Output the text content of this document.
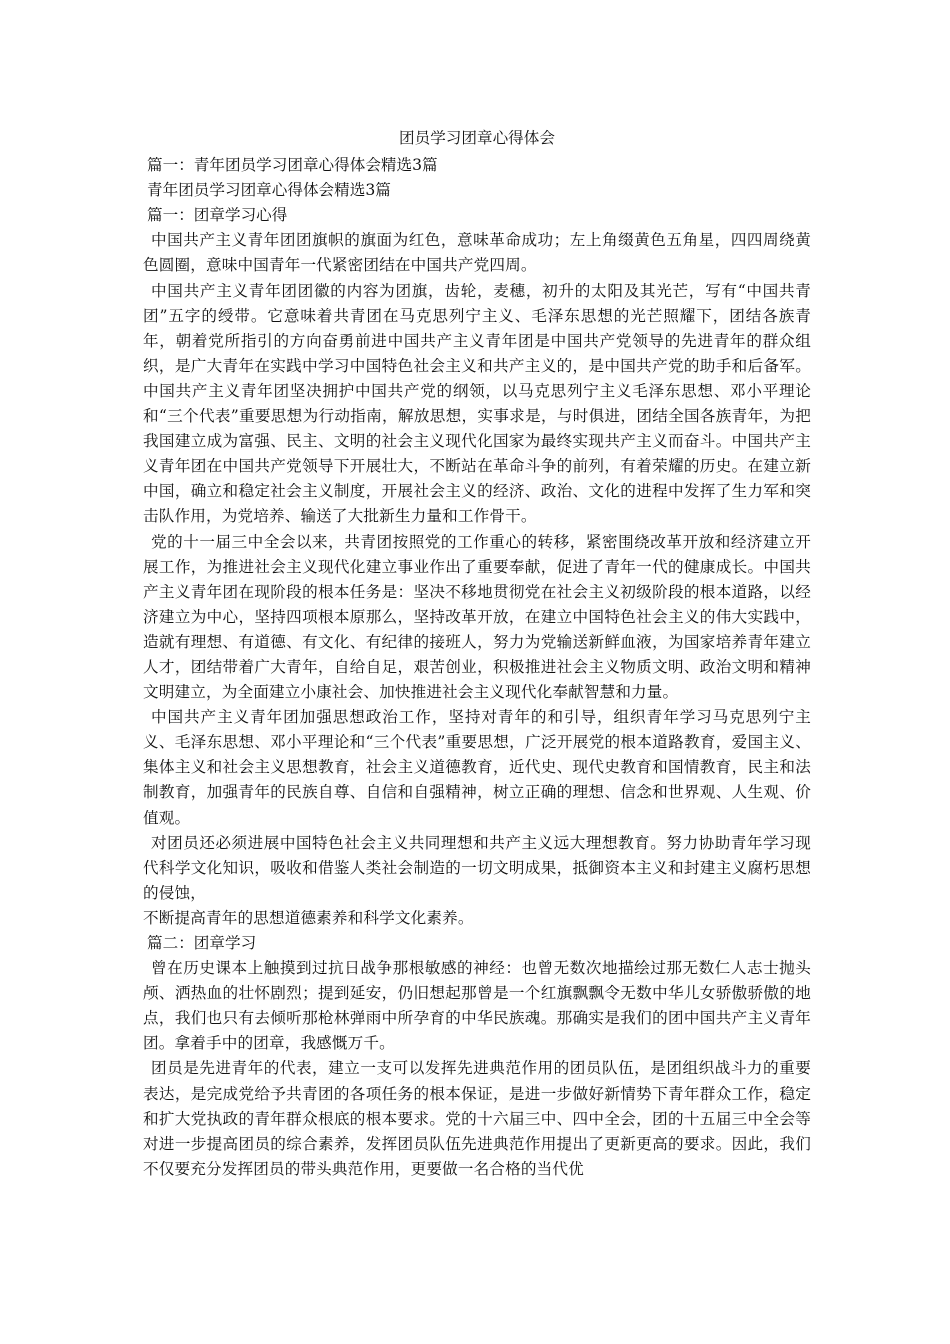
团员学习团章心得体会
篇一：青年团员学习团章心得体会精选3篇
青年团员学习团章心得体会精选3篇
篇一：团章学习心得

中国共产主义青年团团旗帜的旗面为红色，意味革命成功；左上角缀黄色五角星，四四周绕黄色圆圈，意味中国青年一代紧密团结在中国共产党四周。

中国共产主义青年团团徽的内容为团旗，齿轮，麦穗，初升的太阳及其光芒，写有“中国共青团”五字的绶带。它意味着共青团在马克思列宁主义、毛泽东思想的光芒照耀下，团结各族青年，朝着党所指引的方向奋勇前进中国共产主义青年团是中国共产党领导的先进青年的群众组织，是广大青年在实践中学习中国特色社会主义和共产主义的，是中国共产党的助手和后备军。中国共产主义青年团坚决拥护中国共产党的纲领，以马克思列宁主义毛泽东思想、邓小平理论和“三个代表”重要思想为行动指南，解放思想，实事求是，与时俱进，团结全国各族青年，为把我国建立成为富强、民主、文明的社会主义现代化国家为最终实现共产主义而奋斗。中国共产主义青年团在中国共产党领导下开展壮大，不断站在革命斗争的前列，有着荣耀的历史。在建立新中国，确立和稳定社会主义制度，开展社会主义的经济、政治、文化的进程中发挥了生力军和突击队作用，为党培养、输送了大批新生力量和工作骨干。

党的十一届三中全会以来，共青团按照党的工作重心的转移，紧密围绕改革开放和经济建立开展工作，为推进社会主义现代化建立事业作出了重要奉献，促进了青年一代的健康成长。中国共产主义青年团在现阶段的根本任务是：坚决不移地贯彻党在社会主义初级阶段的根本道路，以经济建立为中心，坚持四项根本原那么，坚持改革开放，在建立中国特色社会主义的伟大实践中，造就有理想、有道德、有文化、有纪律的接班人，努力为党输送新鲜血液，为国家培养青年建立人才，团结带着广大青年，自给自足，艰苦创业，积极推进社会主义物质文明、政治文明和精神文明建立，为全面建立小康社会、加快推进社会主义现代化奉献智慧和力量。

中国共产主义青年团加强思想政治工作，坚持对青年的和引导，组织青年学习马克思列宁主义、毛泽东思想、邓小平理论和“三个代表”重要思想，广泛开展党的根本道路教育，爱国主义、集体主义和社会主义思想教育，社会主义道德教育，近代史、现代史教育和国情教育，民主和法制教育，加强青年的民族自尊、自信和自强精神，树立正确的理想、信念和世界观、人生观、价值观。

对团员还必须进展中国特色社会主义共同理想和共产主义远大理想教育。努力协助青年学习现代科学文化知识，吸收和借鉴人类社会制造的一切文明成果，抵御资本主义和封建主义腐朽思想的侵蚀，

不断提高青年的思想道德素养和科学文化素养。

篇二：团章学习

曾在历史课本上触摸到过抗日战争那根敏感的神经：也曾无数次地描绘过那无数仁人志士抛头颅、洒热血的壮怀剧烈；提到延安，仍旧想起那曾是一个红旗飘飘令无数中华儿女骄傲骄傲的地点，我们也只有去倾听那枪林弹雨中所孕育的中华民族魂。那确实是我们的团中国共产主义青年团。拿着手中的团章，我感慨万千。

团员是先进青年的代表，建立一支可以发挥先进典范作用的团员队伍，是团组织战斗力的重要表达，是完成党给予共青团的各项任务的根本保证，是进一步做好新情势下青年群众工作，稳定和扩大党执政的青年群众根底的根本要求。党的十六届三中、四中全会，团的十五届三中全会等对进一步提高团员的综合素养，发挥团员队伍先进典范作用提出了更新更高的要求。因此，我们不仅要充分发挥团员的带头典范作用，更要做一名合格的当代优
